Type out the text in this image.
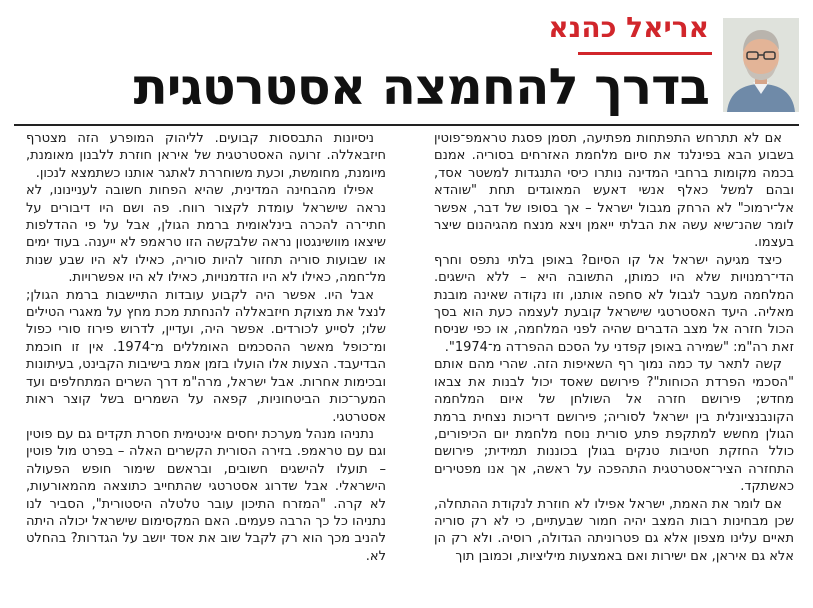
אריאל כהנא
בדרך להחמצה אסטרטגית

אם לא תתרחש התפתחות מפתיעה, תסמן פסגת טראמפ־פוטין בשבוע הבא בפינלנד את סיום מלחמת האזרחים בסוריה. אמנם בכמה מקומות ברחבי המדינה נותרו כיסי התנגדות למשטר אסד, ובהם למשל כאלף אנשי דאעש המאוגדים תחת "שוהדא אל־ירמוכ" לא הרחק מגבול ישראל – אך בסופו של דבר, אפשר לומר שהנ־שיא עשה את הבלתי ייאמן ויצא מנצח מהגיהנום שיצר בעצמו.

כיצד מגיעה ישראל אל קו הסיום? באופן בלתי נתפס וחרף הדי־רמנויות שלא היו כמותן, התשובה היא – ללא הישגים. המלחמה מעבר לגבול לא סחפה אותנו, וזו נקודה שאינה מובנת מאליה. היעד האסטרטגי שישראל קובעת לעצמה כעת הוא בסך הכול חזרה אל מצב הדברים שהיה לפני המלחמה, או כפי שניסח זאת רה"מ: "שמירה באופן קפדני על הסכם ההפרדה מ־1974".

קשה לתאר עד כמה נמוך רף השאיפות הזה. שהרי מהם אותם "הסכמי הפרדת הכוחות"? פירושם שאסד יכול לבנות את צבאו מחדש; פירושם חזרה אל השולחן של איום המלחמה הקונבנציונלית בין ישראל לסוריה; פירושם דריכות נצחית ברמת הגולן מחשש למתקפת פתע סורית נוסח מלחמת יום הכיפורים, כולל החזקת חטיבות טנקים בגולן בכוננות תמידית; פירושם התחזרה הציר־אסטרטגית התהפכה על ראשה, אך אנו מפטירים כאשתקד.

אם לומר את האמת, ישראל אפילו לא חוזרת לנקודת ההתחלה, שכן מבחינות רבות המצב יהיה חמור שבעתיים, כי לא רק סוריה תאיים עלינו מצפון אלא גם פטרוניתה הגדולה, רוסיה. ולא רק הן אלא גם איראן, אם ישירות ואם באמצעות מיליציות, וכמובן תוך

ניסיונות התבססות קבועים. לליהוק המופרע הזה מצטרף חיזבאללה. זרועה האסטרטגית של איראן חוזרת ללבנון מאומנת, מיומנת, מחומשת, וכעת משוחררת לאתגר אותנו כשתמצא לנכון.

אפילו מהבחינה המדינית, שהיא הפחות חשובה לעניינונו, לא נראה שישראל עומדת לקצור רווח. פה ושם היו דיבורים על חתי־רה להכרה בינלאומית ברמת הגולן, אבל על פי ההדלפות שיצאו מוושינגטון נראה שלבקשה הזו טראמפ לא ייענה. בעוד ימים או שבועות סוריה תחזור להיות סוריה, כאילו לא היו שבע שנות מל־חמה, כאילו לא היו הזדמנויות, כאילו לא היו אפשרויות.

אבל היו. אפשר היה לקבוע עובדות התיישבות ברמת הגולן; לנצל את מצוקת חיזבאללה להנחתת מכת מחץ על מאגרי הטילים שלו; לסייע לכורדים. אפשר היה, ועדיין, לדרוש פירוז סורי כפול ומ־כופל מאשר ההסכמים האומללים מ־1974. אין זו חוכמת הבדיעבד. הצעות אלו הועלו בזמן אמת בישיבות הקבינט, בעיתונות ובכימות אחרות. אבל ישראל, מרה"מ דרך השרים המתחלפים ועד המער־כות הביטחוניות, קפאה על השמרים בשל קוצר ראות אסטרטגי.

נתניהו מנהל מערכת יחסים אינטימית חסרת תקדים גם עם פוטין וגם עם טראמפ. בזירה הסורית הקשרים האלה – בפרט מול פוטין – תועלו להישגים חשובים, ובראשם שימור חופש הפעולה הישראלי. אבל שדרוג אסטרטגי שהתחייב כתוצאה מהמאורעות, לא קרה. "המזרח התיכון עובר טלטלה היסטורית", הסביר לנו נתניהו כל כך הרבה פעמים. האם המקסימום שישראל יכולה היתה להניב מכך הוא רק לקבל שוב את אסד יושב על הגדרות? בהחלט לא.
